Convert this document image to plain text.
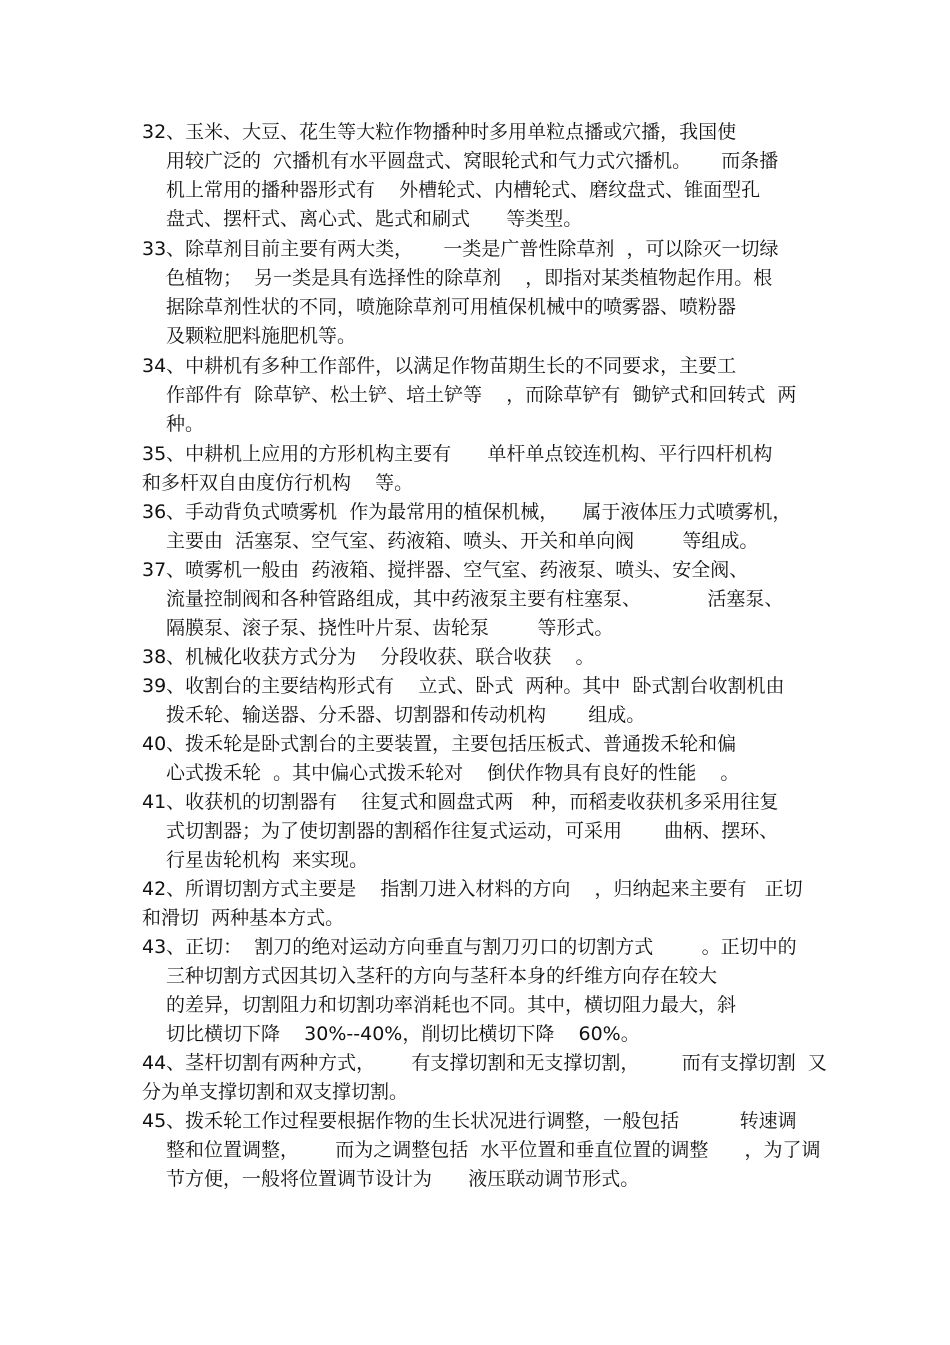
32、玉米、大豆、花生等大粒作物播种时多用单粒点播或穴播，我国使
用较广泛的  穴播机有水平圆盘式、窝眼轮式和气力式穴播机。     而条播
机上常用的播种器形式有    外槽轮式、内槽轮式、磨纹盘式、锥面型孔
盘式、摆杆式、离心式、匙式和刷式      等类型。
33、除草剂目前主要有两大类，     一类是广普性除草剂  ，可以除灭一切绿
色植物；  另一类是具有选择性的除草剂    ，即指对某类植物起作用。根
据除草剂性状的不同，喷施除草剂可用植保机械中的喷雾器、喷粉器
及颗粒肥料施肥机等。
34、中耕机有多种工作部件，以满足作物苗期生长的不同要求，主要工
作部件有  除草铲、松土铲、培土铲等    ，而除草铲有  锄铲式和回转式  两
种。
35、中耕机上应用的方形机构主要有      单杆单点铰连机构、平行四杆机构
和多杆双自由度仿行机构    等。
36、手动背负式喷雾机  作为最常用的植保机械，    属于液体压力式喷雾机，
主要由  活塞泵、空气室、药液箱、喷头、开关和单向阀        等组成。
37、喷雾机一般由  药液箱、搅拌器、空气室、药液泵、喷头、安全阀、
流量控制阀和各种管路组成，其中药液泵主要有柱塞泵、           活塞泵、
隔膜泵、滚子泵、挠性叶片泵、齿轮泵        等形式。
38、机械化收获方式分为    分段收获、联合收获    。
39、收割台的主要结构形式有    立式、卧式  两种。其中  卧式割台收割机由
拨禾轮、输送器、分禾器、切割器和传动机构       组成。
40、拨禾轮是卧式割台的主要装置，主要包括压板式、普通拨禾轮和偏
心式拨禾轮  。其中偏心式拨禾轮对    倒伏作物具有良好的性能    。
41、收获机的切割器有    往复式和圆盘式两   种，而稻麦收获机多采用往复
式切割器；为了使切割器的割稻作往复式运动，可采用       曲柄、摆环、
行星齿轮机构  来实现。
42、所谓切割方式主要是    指割刀进入材料的方向    ，归纳起来主要有   正切
和滑切  两种基本方式。
43、正切：  割刀的绝对运动方向垂直与割刀刃口的切割方式        。正切中的
三种切割方式因其切入茎秆的方向与茎秆本身的纤维方向存在较大
的差异，切割阻力和切割功率消耗也不同。其中，横切阻力最大，斜
切比横切下降    30%--40%，削切比横切下降    60%。
44、茎杆切割有两种方式，      有支撑切割和无支撑切割，       而有支撑切割  又
分为单支撑切割和双支撑切割。
45、拨禾轮工作过程要根据作物的生长状况进行调整，一般包括          转速调
整和位置调整，      而为之调整包括  水平位置和垂直位置的调整      ，为了调
节方便，一般将位置调节设计为      液压联动调节形式。
